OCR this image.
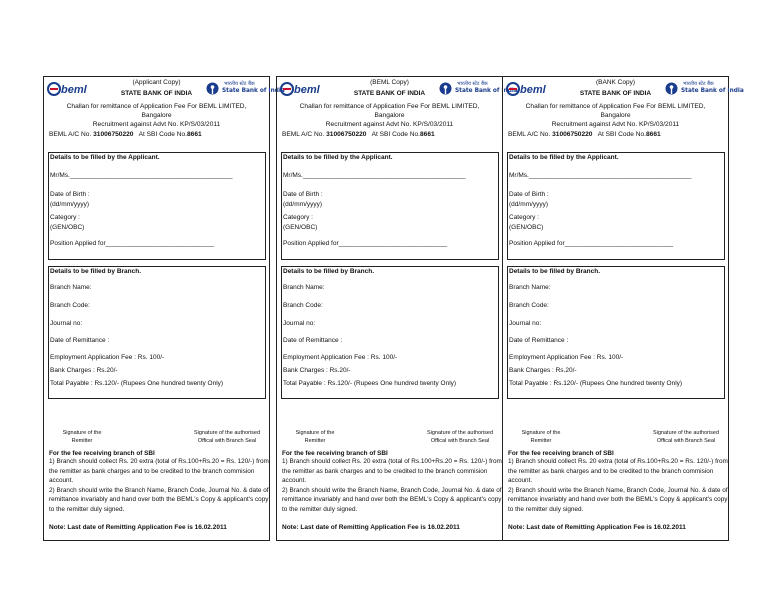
beml
(Applicant Copy)
STATE BANK OF INDIA
भारतीय स्टेट बैंक
State Bank of India
Challan for remittance of Application Fee For BEML LIMITED,
Bangalore
Recruitment against Advt No. KP/S/03/2011
BEML A/C No. 31006750220 At SBI Code No.8661
Details to be filled by the Applicant.
Mr/Ms._____________________________________________
Date of Birth :
(dd/mm/yyyy)
Category :
(GEN/OBC)
Position Applied for______________________________
Details to be filled by Branch.
Branch Name:
Branch Code:
Journal no:
Date of Remittance :
Employment Application Fee : Rs. 100/-
Bank Charges : Rs.20/-
Total Payable : Rs.120/- (Rupees One hundred twenty Only)
Signature of the
Remitter
Signature of the authorised
Offical with Branch Seal
For the fee receiving branch of SBI
1) Branch should collect Rs. 20 extra (total of Rs.100+Rs.20 = Rs. 120/-) from the remitter as bank charges and to be credited to the branch commision account.
2) Branch should write the Branch Name, Branch Code, Journal No. & date of remittance invariably and hand over both the BEML's Copy & applicant's copy to the remitter duly signed.
Note: Last date of Remitting Application Fee is 16.02.2011
beml
(BEML Copy)
STATE BANK OF INDIA
भारतीय स्टेट बैंक
State Bank of India
Challan for remittance of Application Fee For BEML LIMITED,
Bangalore
Recruitment against Advt No. KP/S/03/2011
BEML A/C No. 31006750220 At SBI Code No.8661
Details to be filled by the Applicant.
Mr/Ms._____________________________________________
Date of Birth :
(dd/mm/yyyy)
Category :
(GEN/OBC)
Position Applied for______________________________
Details to be filled by Branch.
Branch Name:
Branch Code:
Journal no:
Date of Remittance :
Employment Application Fee : Rs. 100/-
Bank Charges : Rs.20/-
Total Payable : Rs.120/- (Rupees One hundred twenty Only)
Signature of the
Remitter
Signature of the authorised
Offical with Branch Seal
For the fee receiving branch of SBI
1) Branch should collect Rs. 20 extra (total of Rs.100+Rs.20 = Rs. 120/-) from the remitter as bank charges and to be credited to the branch commision account.
2) Branch should write the Branch Name, Branch Code, Journal No. & date of remittance invariably and hand over both the BEML's Copy & applicant's copy to the remitter duly signed.
Note: Last date of Remitting Application Fee is 16.02.2011
beml
(BANK Copy)
STATE BANK OF INDIA
भारतीय स्टेट बैंक
State Bank of India
Challan for remittance of Application Fee For BEML LIMITED,
Bangalore
Recruitment against Advt No. KP/S/03/2011
BEML A/C No. 31006750220 At SBI Code No.8661
Details to be filled by the Applicant.
Mr/Ms._____________________________________________
Date of Birth :
(dd/mm/yyyy)
Category :
(GEN/OBC)
Position Applied for______________________________
Details to be filled by Branch.
Branch Name:
Branch Code:
Journal no:
Date of Remittance :
Employment Application Fee : Rs. 100/-
Bank Charges : Rs.20/-
Total Payable : Rs.120/- (Rupees One hundred twenty Only)
Signature of the
Remitter
Signature of the authorised
Offical with Branch Seal
For the fee receiving branch of SBI
1) Branch should collect Rs. 20 extra (total of Rs.100+Rs.20 = Rs. 120/-) from the remitter as bank charges and to be credited to the branch commision account.
2) Branch should write the Branch Name, Branch Code, Journal No. & date of remittance invariably and hand over both the BEML's Copy & applicant's copy to the remitter duly signed.
Note: Last date of Remitting Application Fee is 16.02.2011
